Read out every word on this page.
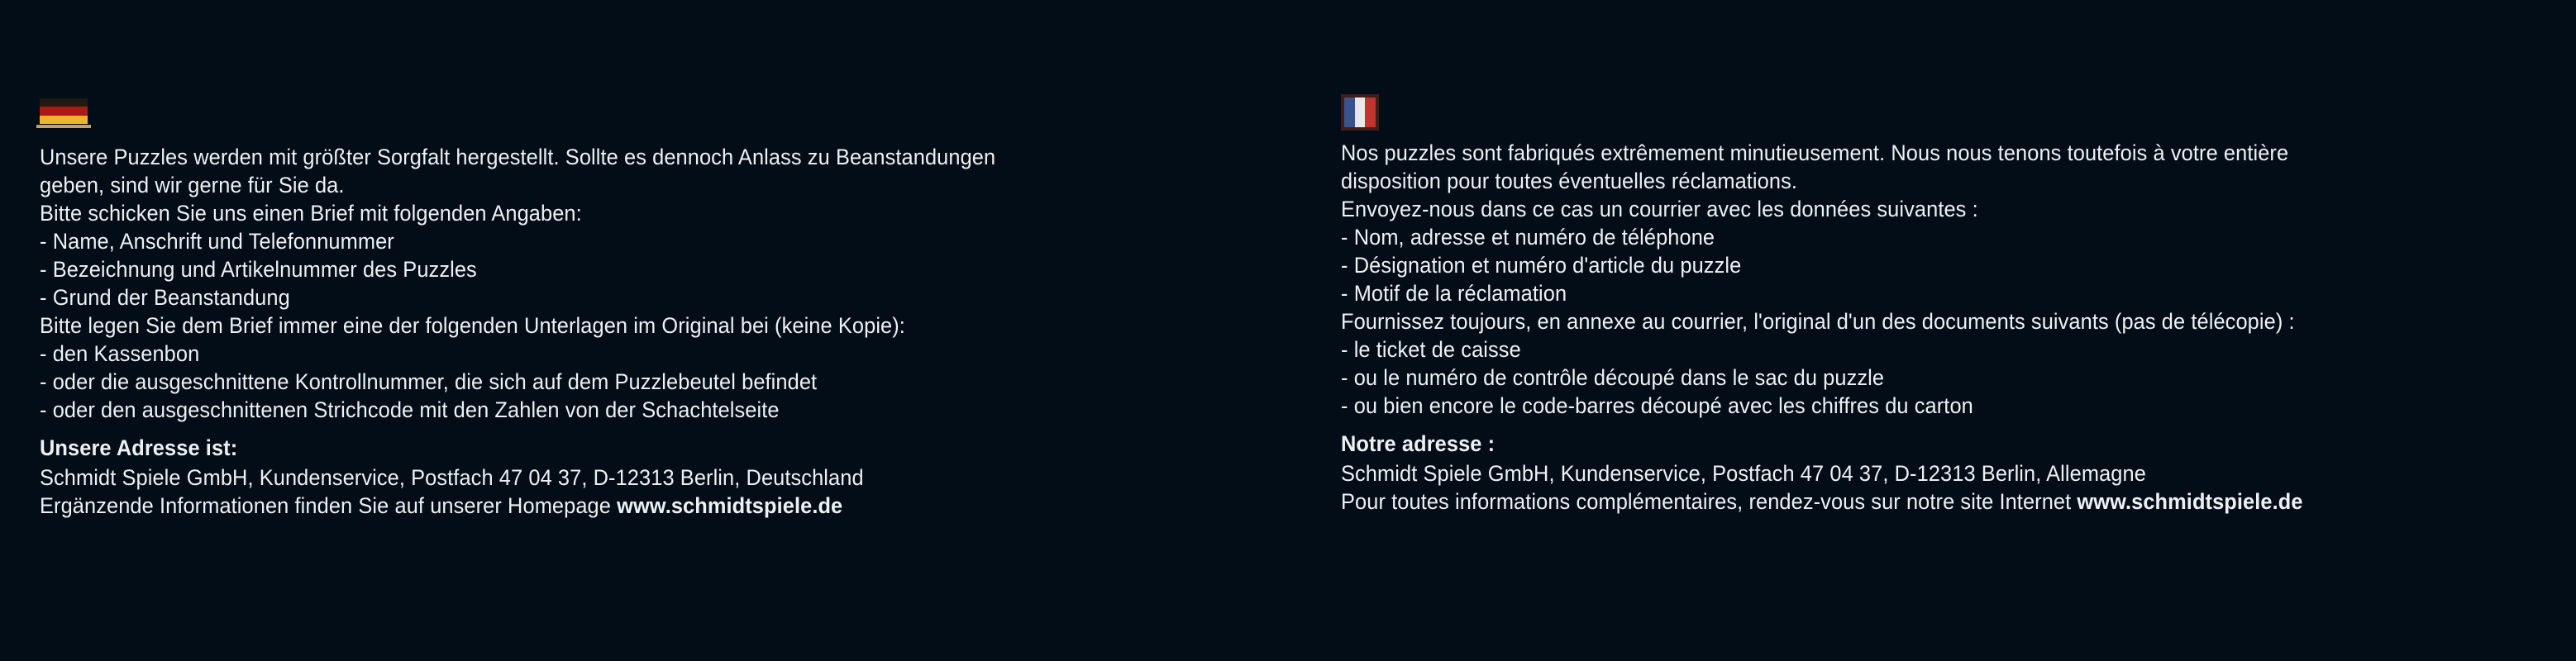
Unsere Puzzles werden mit größter Sorgfalt hergestellt. Sollte es dennoch Anlass zu Beanstandungen

geben, sind wir gerne für Sie da.

Bitte schicken Sie uns einen Brief mit folgenden Angaben:

- Name, Anschrift und Telefonnummer

- Bezeichnung und Artikelnummer des Puzzles

- Grund der Beanstandung

Bitte legen Sie dem Brief immer eine der folgenden Unterlagen im Original bei (keine Kopie):

- den Kassenbon

- oder die ausgeschnittene Kontrollnummer, die sich auf dem Puzzlebeutel befindet

- oder den ausgeschnittenen Strichcode mit den Zahlen von der Schachtelseite

Unsere Adresse ist:

Schmidt Spiele GmbH, Kundenservice, Postfach 47 04 37, D-12313 Berlin, Deutschland

Ergänzende Informationen finden Sie auf unserer Homepage www.schmidtspiele.de

Nos puzzles sont fabriqués extrêmement minutieusement. Nous nous tenons toutefois à votre entière

disposition pour toutes éventuelles réclamations.

Envoyez-nous dans ce cas un courrier avec les données suivantes :

- Nom, adresse et numéro de téléphone

- Désignation et numéro d'article du puzzle

- Motif de la réclamation

Fournissez toujours, en annexe au courrier, l'original d'un des documents suivants (pas de télécopie) :

- le ticket de caisse

- ou le numéro de contrôle découpé dans le sac du puzzle

- ou bien encore le code-barres découpé avec les chiffres du carton

Notre adresse :

Schmidt Spiele GmbH, Kundenservice, Postfach 47 04 37, D-12313 Berlin, Allemagne

Pour toutes informations complémentaires, rendez-vous sur notre site Internet www.schmidtspiele.de
